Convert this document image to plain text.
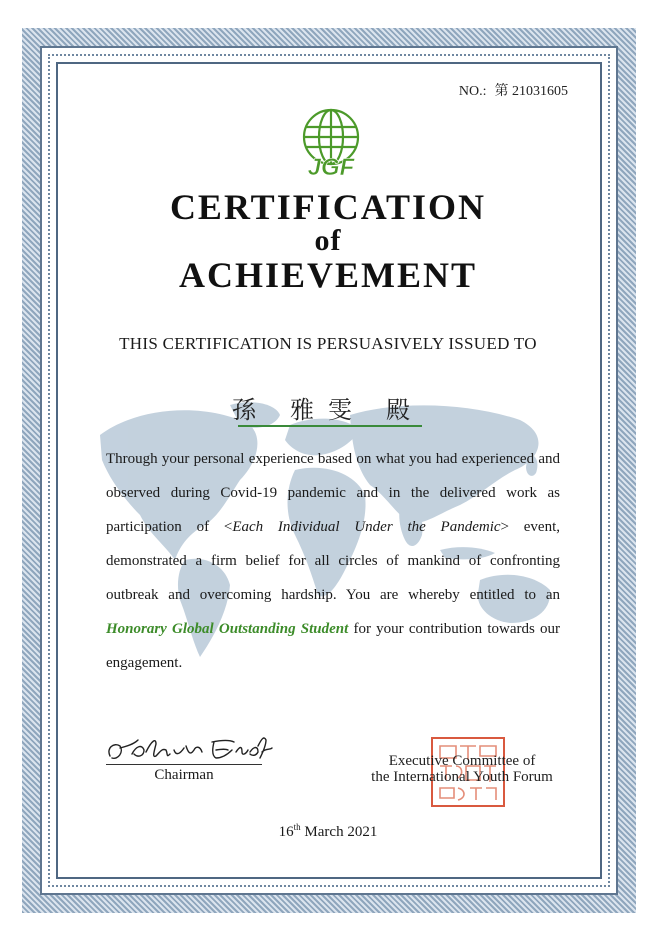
NO.: 第 21031605
JGF
CERTIFICATION
of
ACHIEVEMENT
THIS CERTIFICATION IS PERSUASIVELY ISSUED TO
孫 雅雯 殿
Through your personal experience based on what you had experienced and observed during Covid-19 pandemic and in the delivered work as participation of <Each Individual Under the Pandemic> event, demonstrated a firm belief for all circles of mankind of confronting outbreak and overcoming hardship. You are whereby entitled to an Honorary Global Outstanding Student for your contribution towards our engagement.
Otohiko Endo
Chairman
Executive Committee of
the International Youth Forum
16th March 2021
